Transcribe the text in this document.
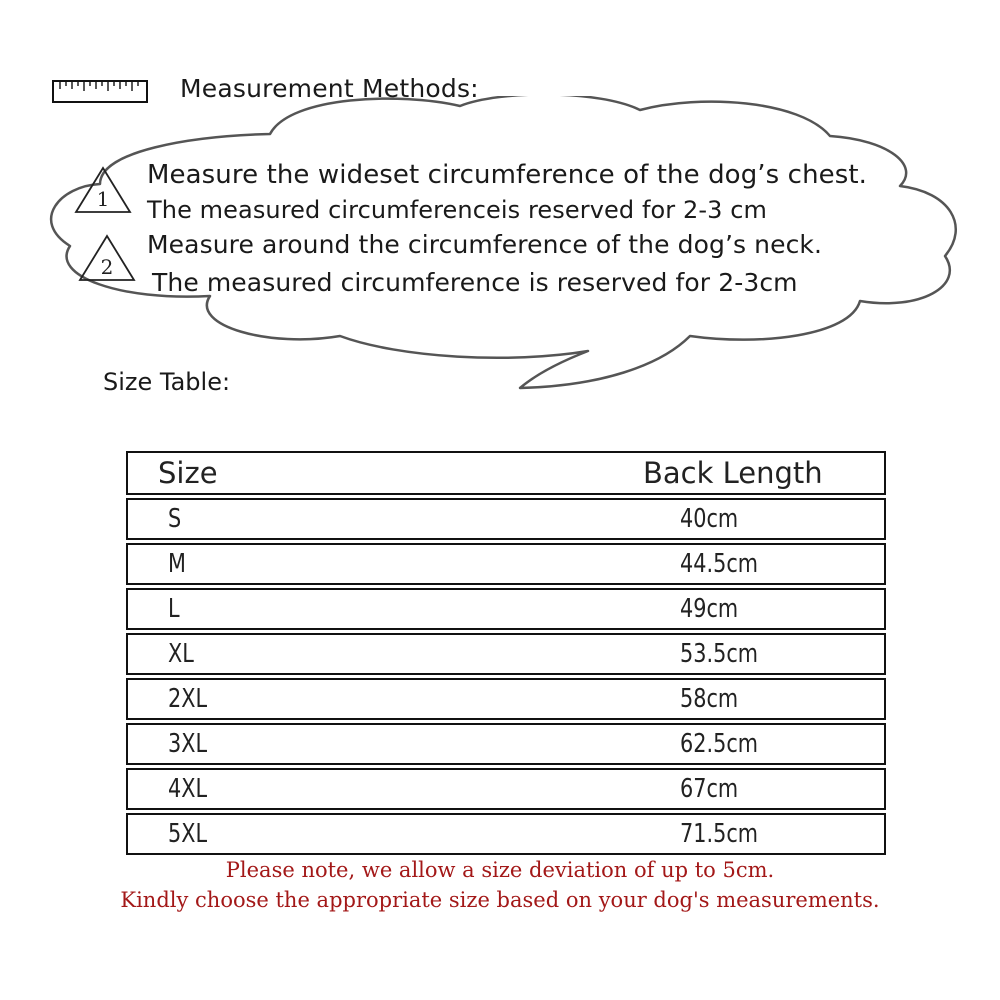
Measurement Methods:
1
Measure the wideset circumference of the dog’s chest.
The measured circumferenceis reserved for 2-3 cm
2
Measure around the circumference of the dog’s neck.
The measured circumference is reserved for 2-3cm
Size Table:
Size	Back Length
S	40cm
M	44.5cm
L	49cm
XL	53.5cm
2XL	58cm
3XL	62.5cm
4XL	67cm
5XL	71.5cm
Please note, we allow a size deviation of up to 5cm.
Kindly choose the appropriate size based on your dog's measurements.
